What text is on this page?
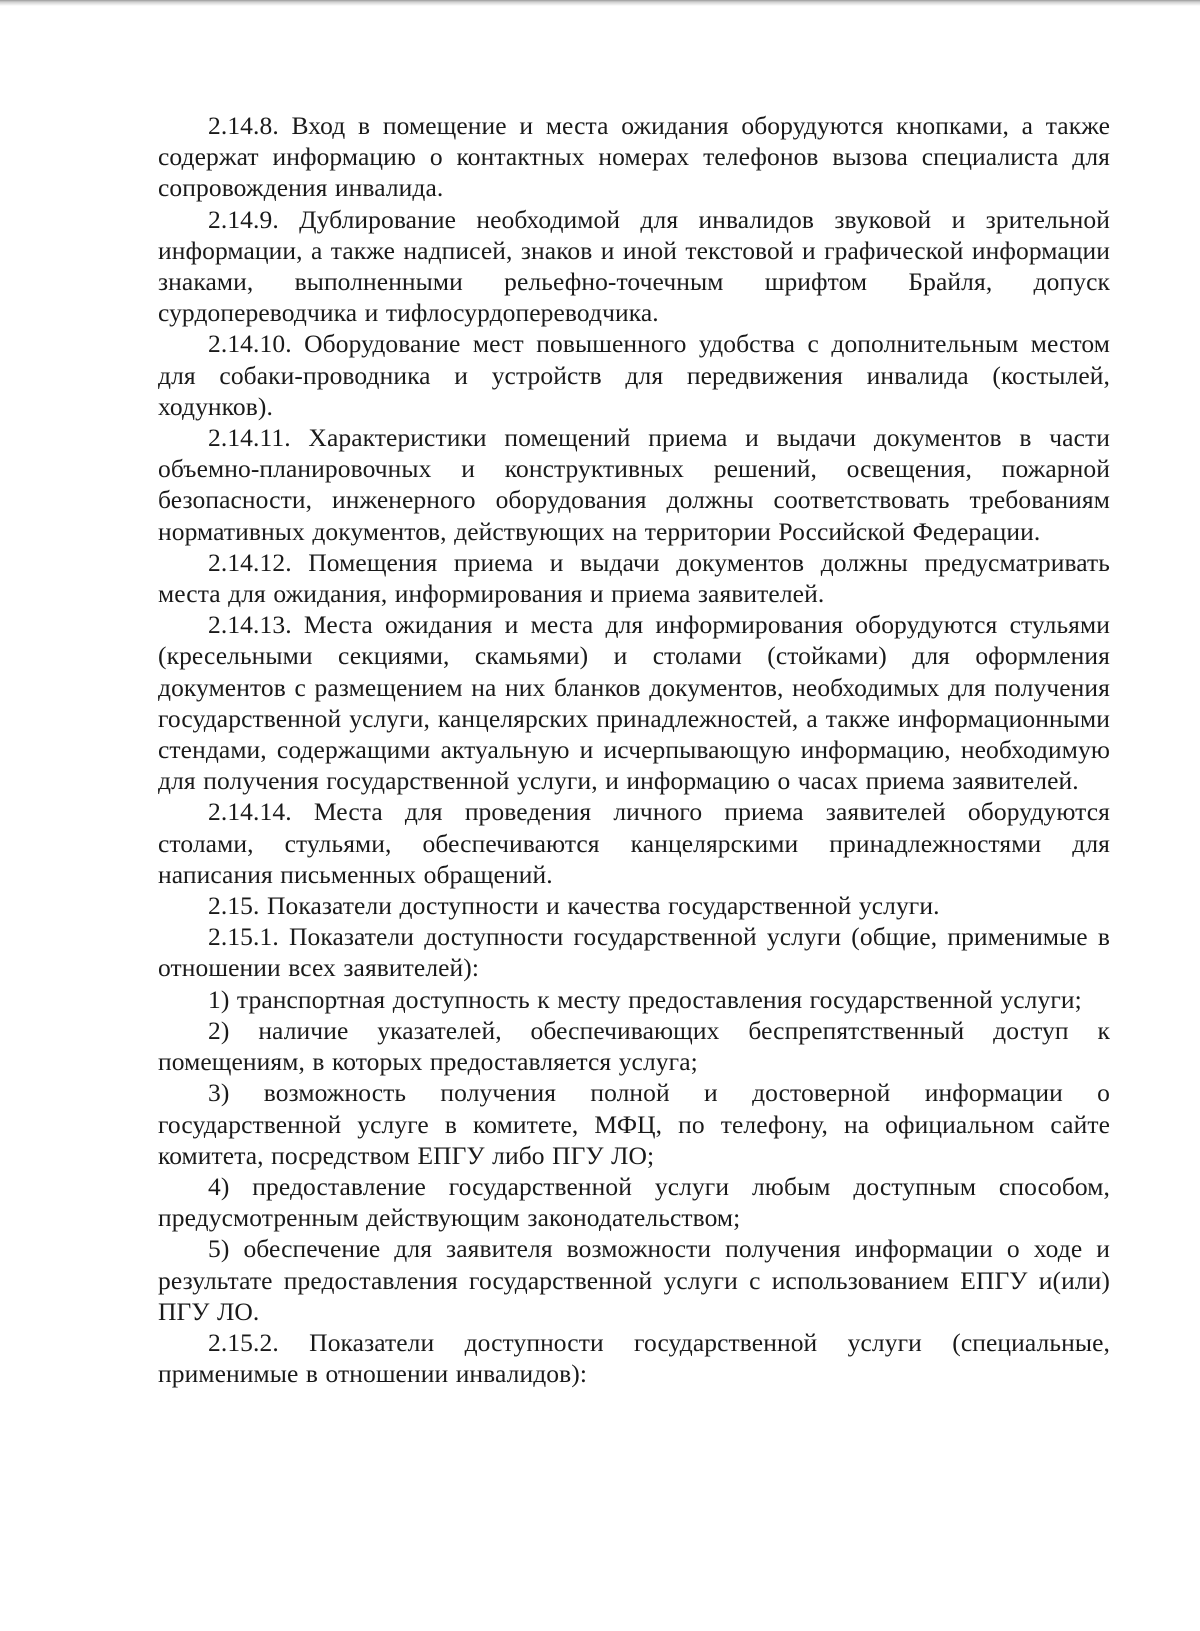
2.14.8. Вход в помещение и места ожидания оборудуются кнопками, а также содержат информацию о контактных номерах телефонов вызова специалиста для сопровождения инвалида.

2.14.9. Дублирование необходимой для инвалидов звуковой и зрительной информации, а также надписей, знаков и иной текстовой и графической информации знаками, выполненными рельефно-точечным шрифтом Брайля, допуск сурдопереводчика и тифлосурдопереводчика.

2.14.10. Оборудование мест повышенного удобства с дополнительным местом для собаки-проводника и устройств для передвижения инвалида (костылей, ходунков).

2.14.11. Характеристики помещений приема и выдачи документов в части объемно-планировочных и конструктивных решений, освещения, пожарной безопасности, инженерного оборудования должны соответствовать требованиям нормативных документов, действующих на территории Российской Федерации.

2.14.12. Помещения приема и выдачи документов должны предусматривать места для ожидания, информирования и приема заявителей.

2.14.13. Места ожидания и места для информирования оборудуются стульями (кресельными секциями, скамьями) и столами (стойками) для оформления документов с размещением на них бланков документов, необходимых для получения государственной услуги, канцелярских принадлежностей, а также информационными стендами, содержащими актуальную и исчерпывающую информацию, необходимую для получения государственной услуги, и информацию о часах приема заявителей.

2.14.14. Места для проведения личного приема заявителей оборудуются столами, стульями, обеспечиваются канцелярскими принадлежностями для написания письменных обращений.

2.15. Показатели доступности и качества государственной услуги.

2.15.1. Показатели доступности государственной услуги (общие, применимые в отношении всех заявителей):

1) транспортная доступность к месту предоставления государственной услуги;

2) наличие указателей, обеспечивающих беспрепятственный доступ к помещениям, в которых предоставляется услуга;

3) возможность получения полной и достоверной информации о государственной услуге в комитете, МФЦ, по телефону, на официальном сайте комитета, посредством ЕПГУ либо ПГУ ЛО;

4) предоставление государственной услуги любым доступным способом, предусмотренным действующим законодательством;

5) обеспечение для заявителя возможности получения информации о ходе и результате предоставления государственной услуги с использованием ЕПГУ и(или) ПГУ ЛО.

2.15.2. Показатели доступности государственной услуги (специальные, применимые в отношении инвалидов):
